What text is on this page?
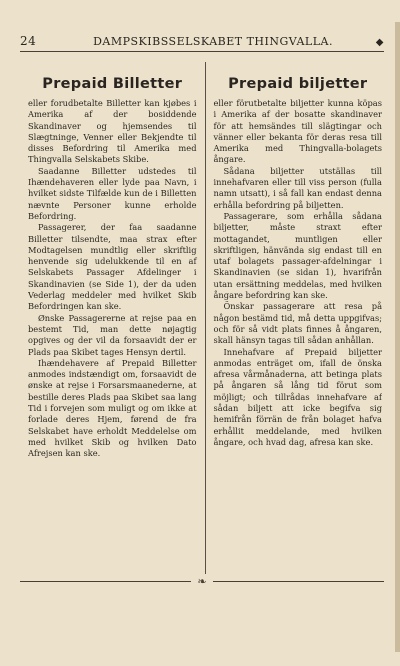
24	DAMPSKIBSSELSKABET THINGVALLA.	◆
Prepaid Billetter

eller forudbetalte Billetter kan kjøbes i Amerika af der bosiddende Skandinaver og hjemsendes til Slægtninge, Venner eller Bekjendte til disses Befordring til Amerika med Thingvalla Selskabets Skibe.

Saadanne Billetter udstedes til Ihændehaveren eller lyde paa Navn, i hvilket sidste Tilfælde kun de i Billetten nævnte Personer kunne erholde Befordring.

Passagerer, der faa saadanne Billetter tilsendte, maa strax efter Modtagelsen mundtlig eller skriftlig henvende sig udelukkende til en af Selskabets Passager Afdelinger i Skandinavien (se Side 1), der da uden Vederlag meddeler med hvilket Skib Befordringen kan ske.

Ønske Passagererne at rejse paa en bestemt Tid, man dette nøjagtig opgives og der vil da forsaavidt der er Plads paa Skibet tages Hensyn dertil.

Ihændehavere af Prepaid Billetter anmodes indstændigt om, forsaavidt de ønske at rejse i Forsarsmaanederne, at bestille deres Plads paa Skibet saa lang Tid i forvejen som muligt og om ikke at forlade deres Hjem, førend de fra Selskabet have erholdt Meddelelse om med hvilket Skib og hvilken Dato Afrejsen kan ske.

Prepaid biljetter

eller förutbetalte biljetter kunna köpas i Amerika af der bosatte skandinaver för att hemsändes till slägtingar och vänner eller bekanta för deras resa till Amerika med Thingvalla-bolagets ångare.

Sådana biljetter utställas till innehafvaren eller till viss person (fulla namn utsatt), i så fall kan endast denna erhålla befordring på biljetten.

Passagerare, som erhålla sådana biljetter, måste straxt efter mottagandet, muntligen eller skriftligen, hänvända sig endast till en utaf bolagets passager-afdelningar i Skandinavien (se sidan 1), hvarifrån utan ersättning meddelas, med hvilken ångare befordring kan ske.

Önskar passagerare att resa på någon bestämd tid, må detta uppgifvas; och för så vidt plats finnes å ångaren, skall hänsyn tagas till sådan anhållan.

Innehafvare af Prepaid biljetter anmodas enträget om, ifall de önska afresa vårmånaderna, att betinga plats på ångaren så lång tid förut som möjligt; och tillrådas innehafvare af sådan biljett att icke begifva sig hemifrån förrän de från bolaget hafva erhållit meddelande, med hvilken ångare, och hvad dag, afresa kan ske.

❧
